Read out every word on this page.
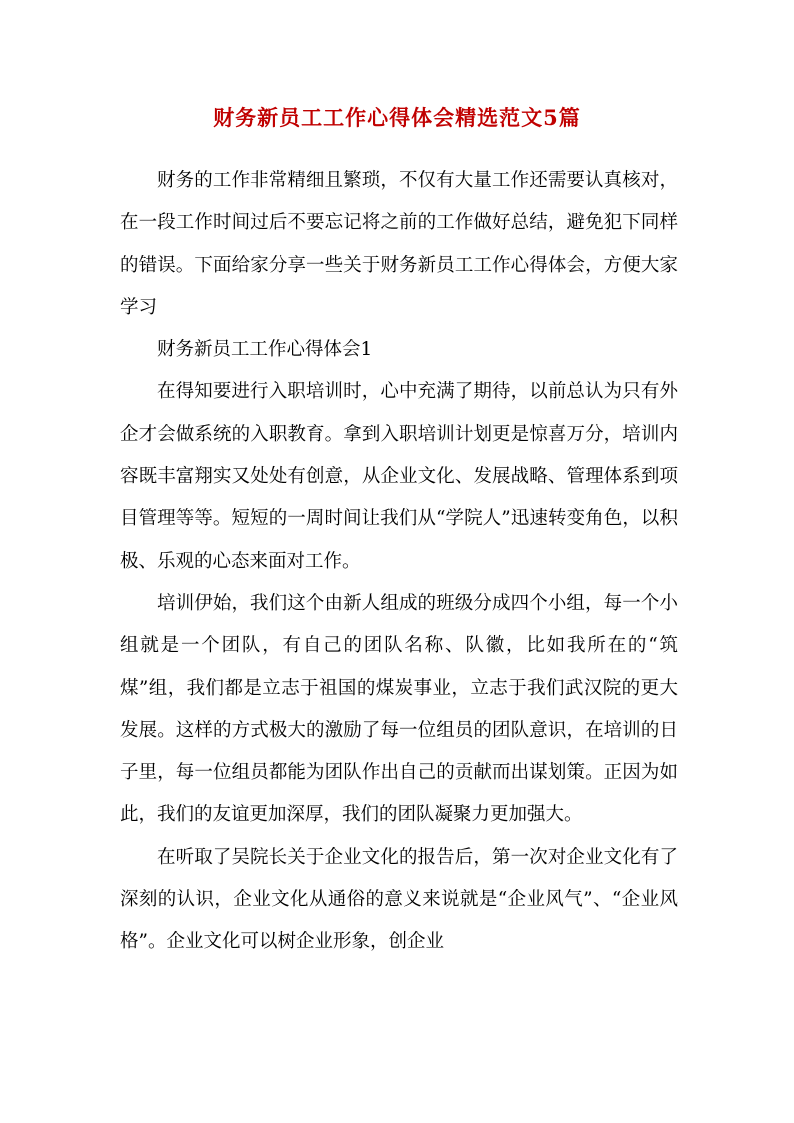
财务新员工工作心得体会精选范文5篇

财务的工作非常精细且繁琐，不仅有大量工作还需要认真核对，在一段工作时间过后不要忘记将之前的工作做好总结，避免犯下同样的错误。下面给家分享一些关于财务新员工工作心得体会，方便大家学习

财务新员工工作心得体会1

在得知要进行入职培训时，心中充满了期待，以前总认为只有外企才会做系统的入职教育。拿到入职培训计划更是惊喜万分，培训内容既丰富翔实又处处有创意，从企业文化、发展战略、管理体系到项目管理等等。短短的一周时间让我们从“学院人”迅速转变角色，以积极、乐观的心态来面对工作。

培训伊始，我们这个由新人组成的班级分成四个小组，每一个小组就是一个团队，有自己的团队名称、队徽，比如我所在的“筑煤”组，我们都是立志于祖国的煤炭事业，立志于我们武汉院的更大发展。这样的方式极大的激励了每一位组员的团队意识，在培训的日子里，每一位组员都能为团队作出自己的贡献而出谋划策。正因为如此，我们的友谊更加深厚，我们的团队凝聚力更加强大。

在听取了吴院长关于企业文化的报告后，第一次对企业文化有了深刻的认识，企业文化从通俗的意义来说就是“企业风气”、“企业风格”。企业文化可以树企业形象，创企业
